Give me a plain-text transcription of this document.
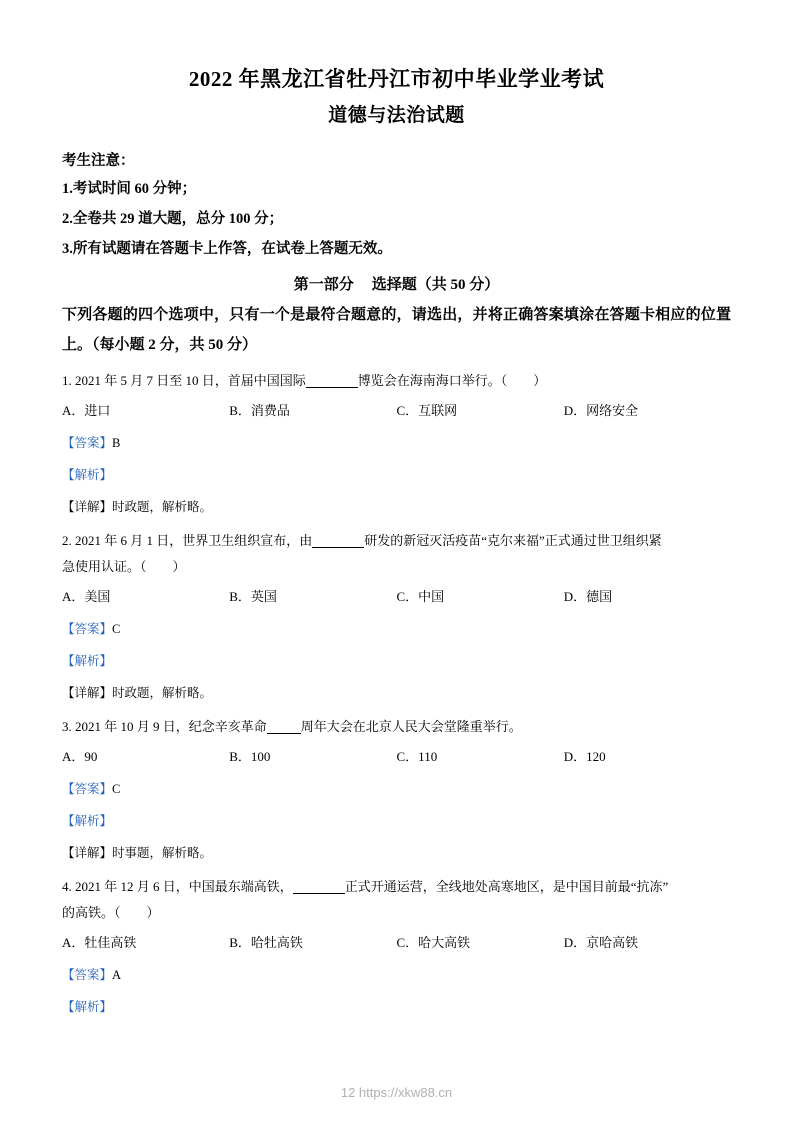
2022 年黑龙江省牡丹江市初中毕业学业考试
道德与法治试题
考生注意：
1.考试时间 60 分钟；
2.全卷共 29 道大题，总分 100 分；
3.所有试题请在答题卡上作答，在试卷上答题无效。
第一部分 选择题（共 50 分）
下列各题的四个选项中，只有一个是最符合题意的，请选出，并将正确答案填涂在答题卡相应的位置上。（每小题 2 分，共 50 分）
1. 2021 年 5 月 7 日至 10 日，首届中国国际	博览会在海南海口举行。（　　 ）
A．进口	B．消费品	C．互联网	D．网络安全
【答案】B
【解析】
【详解】时政题，解析略。
2. 2021 年 6 月 1 日，世界卫生组织宣布，由	研发的新冠灭活疫苗“克尔来福”正式通过世卫组织紧
急使用认证。（　　）
A．美国	B．英国	C．中国	D．德国
【答案】C
【解析】
【详解】时政题，解析略。
3. 2021 年 10 月 9 日，纪念辛亥革命	周年大会在北京人民大会堂隆重举行。
A．90	B．100	C．110	D．120
【答案】C
【解析】
【详解】时事题，解析略。
4. 2021 年 12 月 6 日，中国最东端高铁，	正式开通运营，全线地处高寒地区，是中国目前最“抗冻”
的高铁。（　　）
A．牡佳高铁	B．哈牡高铁	C．哈大高铁	D．京哈高铁
【答案】A
【解析】
12 https://xkw88.cn
